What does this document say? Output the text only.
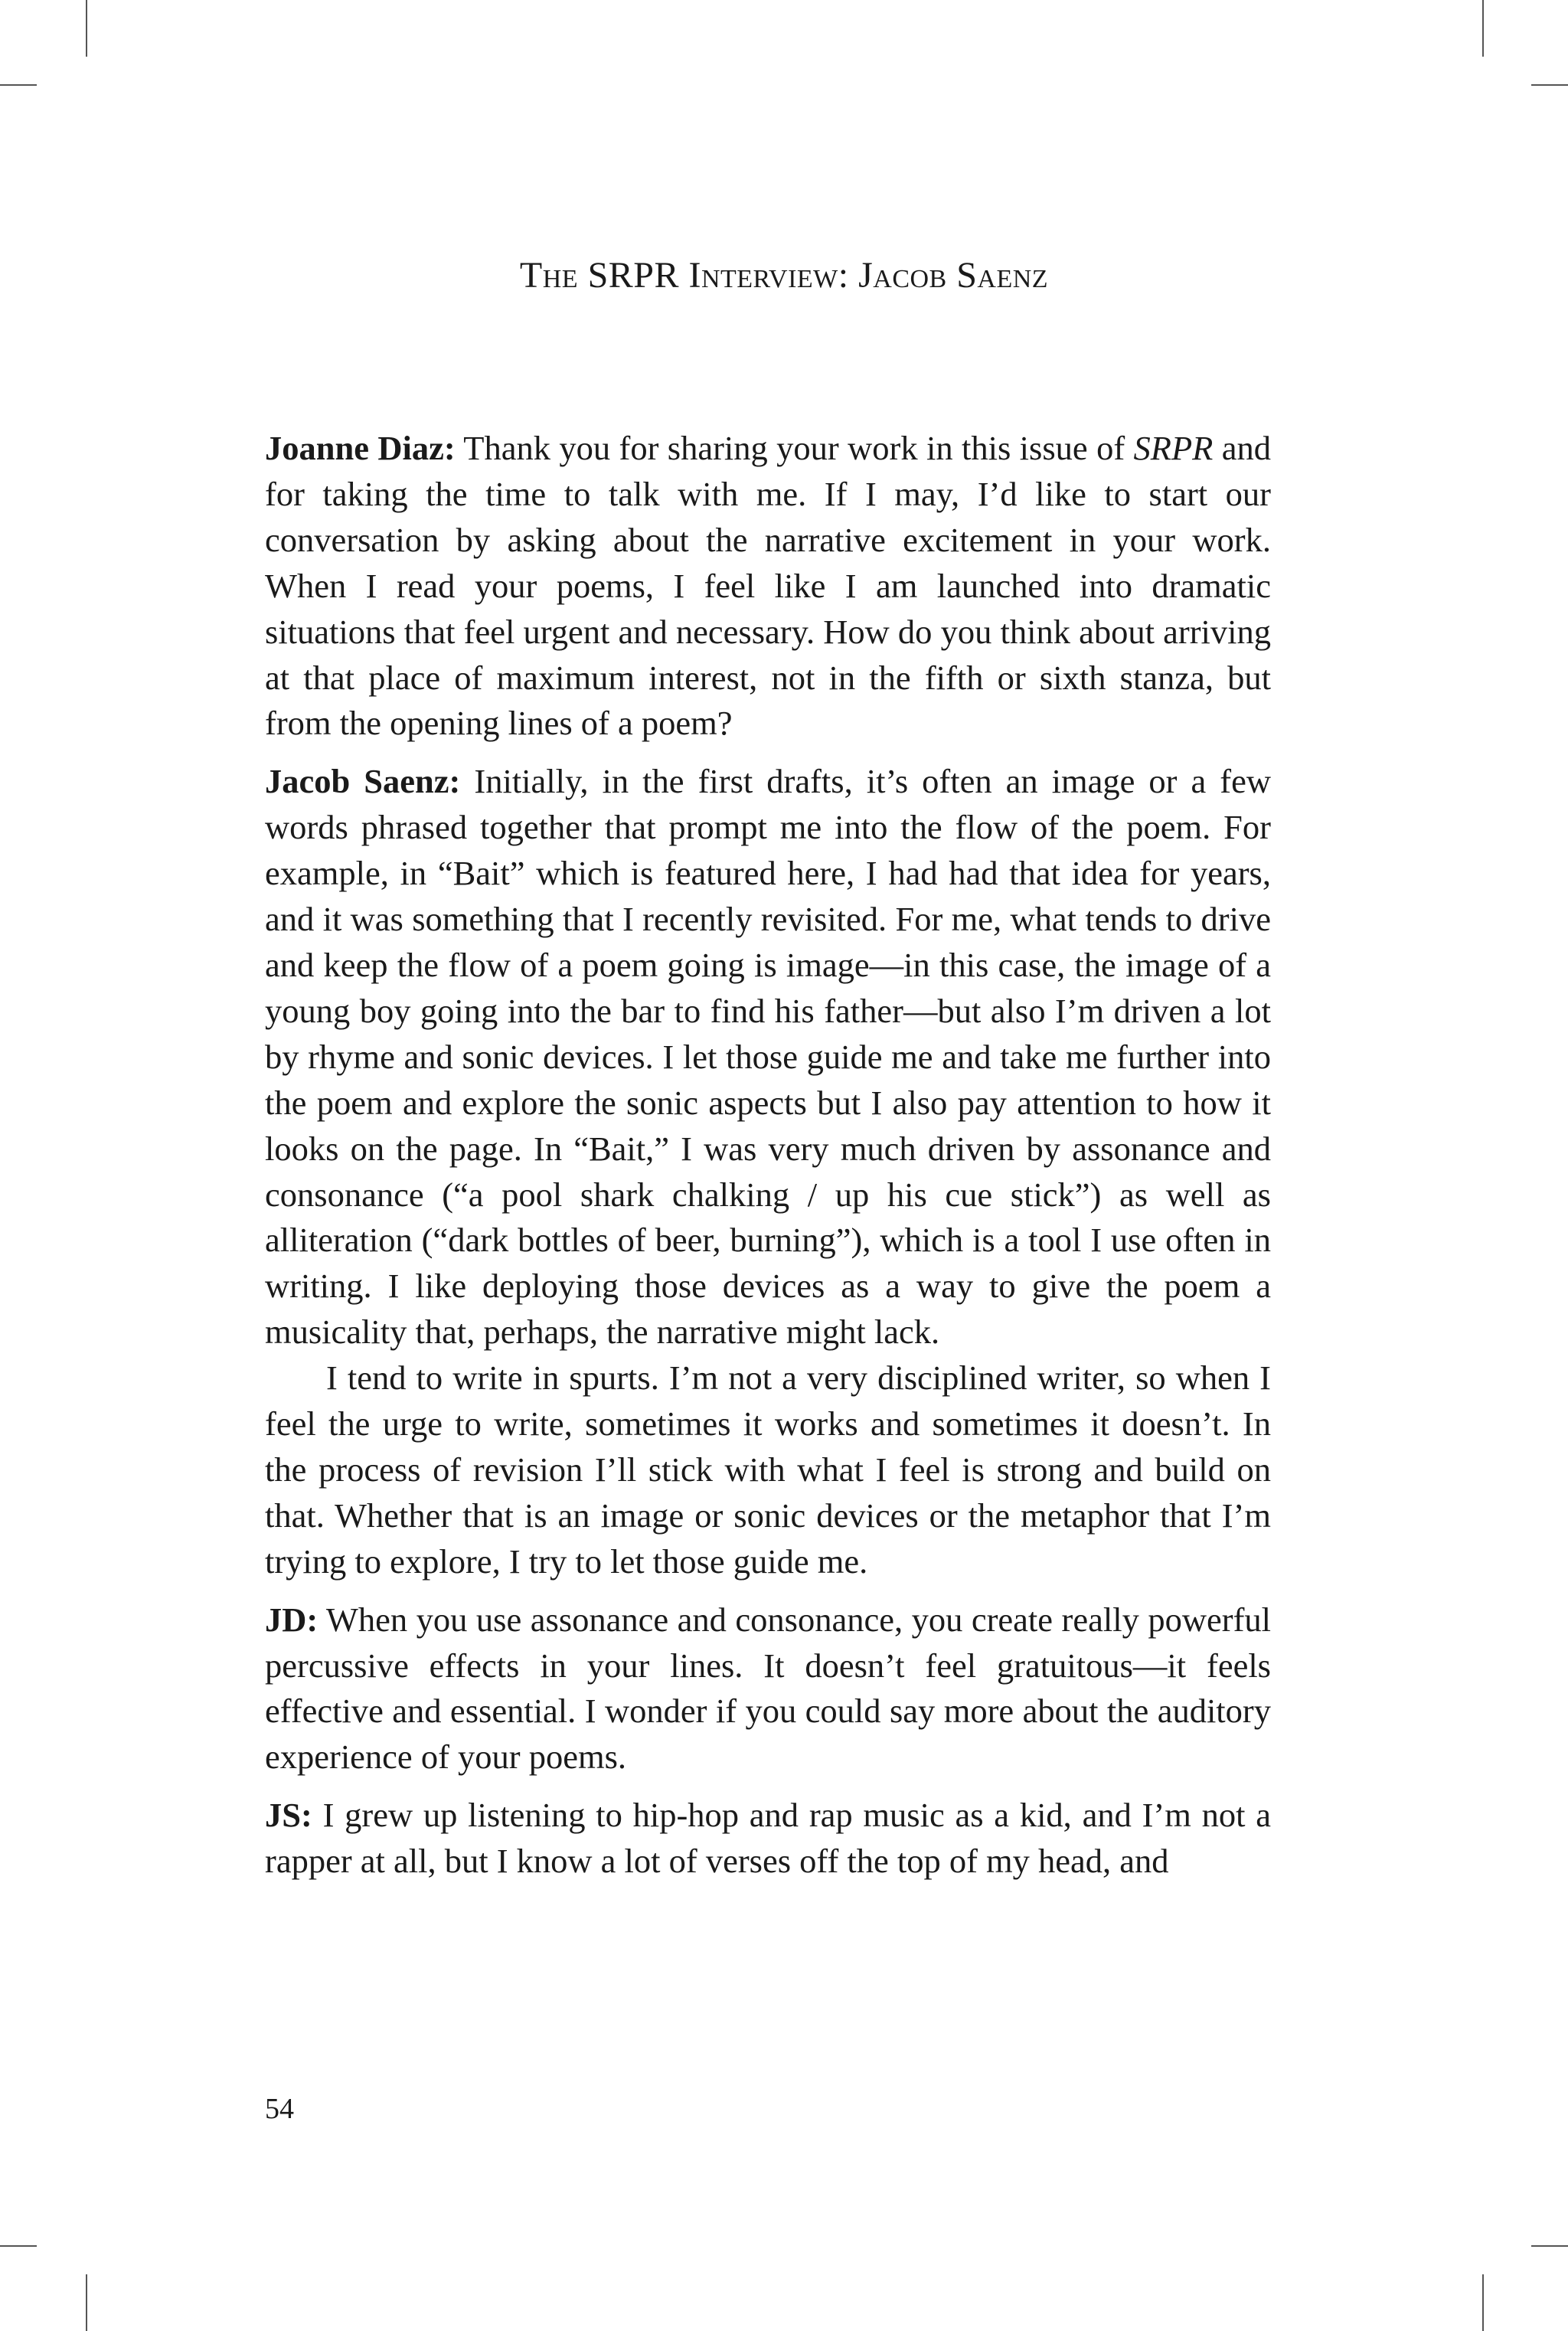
The SRPR Interview: Jacob Saenz

Joanne Diaz: Thank you for sharing your work in this issue of SRPR and for taking the time to talk with me. If I may, I’d like to start our conversation by asking about the narrative excitement in your work. When I read your poems, I feel like I am launched into dramatic situations that feel urgent and necessary. How do you think about arriving at that place of maximum interest, not in the fifth or sixth stanza, but from the opening lines of a poem?

Jacob Saenz: Initially, in the first drafts, it’s often an image or a few words phrased together that prompt me into the flow of the poem. For example, in “Bait” which is featured here, I had had that idea for years, and it was something that I recently revisited. For me, what tends to drive and keep the flow of a poem going is image—in this case, the image of a young boy going into the bar to find his father—but also I’m driven a lot by rhyme and sonic devices. I let those guide me and take me further into the poem and explore the sonic aspects but I also pay attention to how it looks on the page. In “Bait,” I was very much driven by assonance and consonance (“a pool shark chalking / up his cue stick”) as well as alliteration (“dark bottles of beer, burning”), which is a tool I use often in writing. I like deploying those devices as a way to give the poem a musicality that, perhaps, the narrative might lack.

I tend to write in spurts. I’m not a very disciplined writer, so when I feel the urge to write, sometimes it works and sometimes it doesn’t. In the process of revision I’ll stick with what I feel is strong and build on that. Whether that is an image or sonic devices or the metaphor that I’m trying to explore, I try to let those guide me.

JD: When you use assonance and consonance, you create really powerful percussive effects in your lines. It doesn’t feel gratuitous—it feels effective and essential. I wonder if you could say more about the auditory experience of your poems.

JS: I grew up listening to hip-hop and rap music as a kid, and I’m not a rapper at all, but I know a lot of verses off the top of my head, and

54
